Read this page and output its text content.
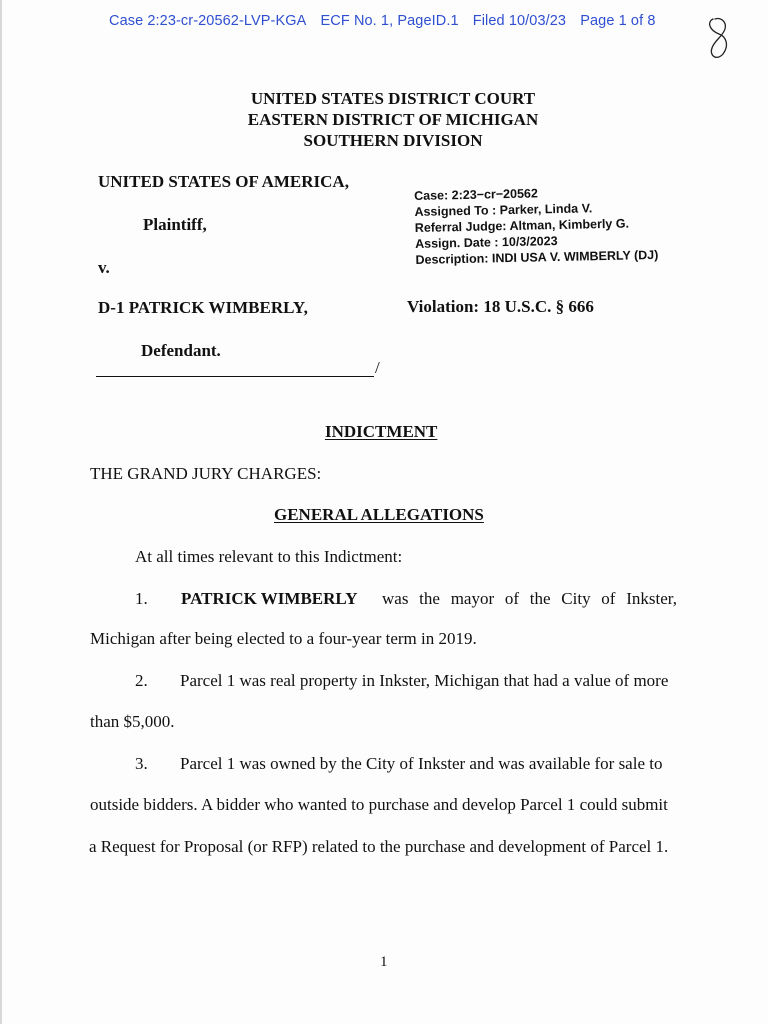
Case 2:23-cr-20562-LVP-KGA ECF No. 1, PageID.1 Filed 10/03/23 Page 1 of 8
UNITED STATES DISTRICT COURT
EASTERN DISTRICT OF MICHIGAN
SOUTHERN DIVISION
UNITED STATES OF AMERICA,
Plaintiff,
v.
D-1 PATRICK WIMBERLY,
Defendant.
/
Case: 2:23−cr−20562
Assigned To : Parker, Linda V.
Referral Judge: Altman, Kimberly G.
Assign. Date : 10/3/2023
Description: INDI USA V. WIMBERLY (DJ)
Violation: 18 U.S.C. § 666
INDICTMENT
THE GRAND JURY CHARGES:
GENERAL ALLEGATIONS
At all times relevant to this Indictment:
1. PATRICK WIMBERLY was the mayor of the City of Inkster,
Michigan after being elected to a four-year term in 2019.
2. Parcel 1 was real property in Inkster, Michigan that had a value of more
than $5,000.
3. Parcel 1 was owned by the City of Inkster and was available for sale to
outside bidders. A bidder who wanted to purchase and develop Parcel 1 could submit
a Request for Proposal (or RFP) related to the purchase and development of Parcel 1.
1
